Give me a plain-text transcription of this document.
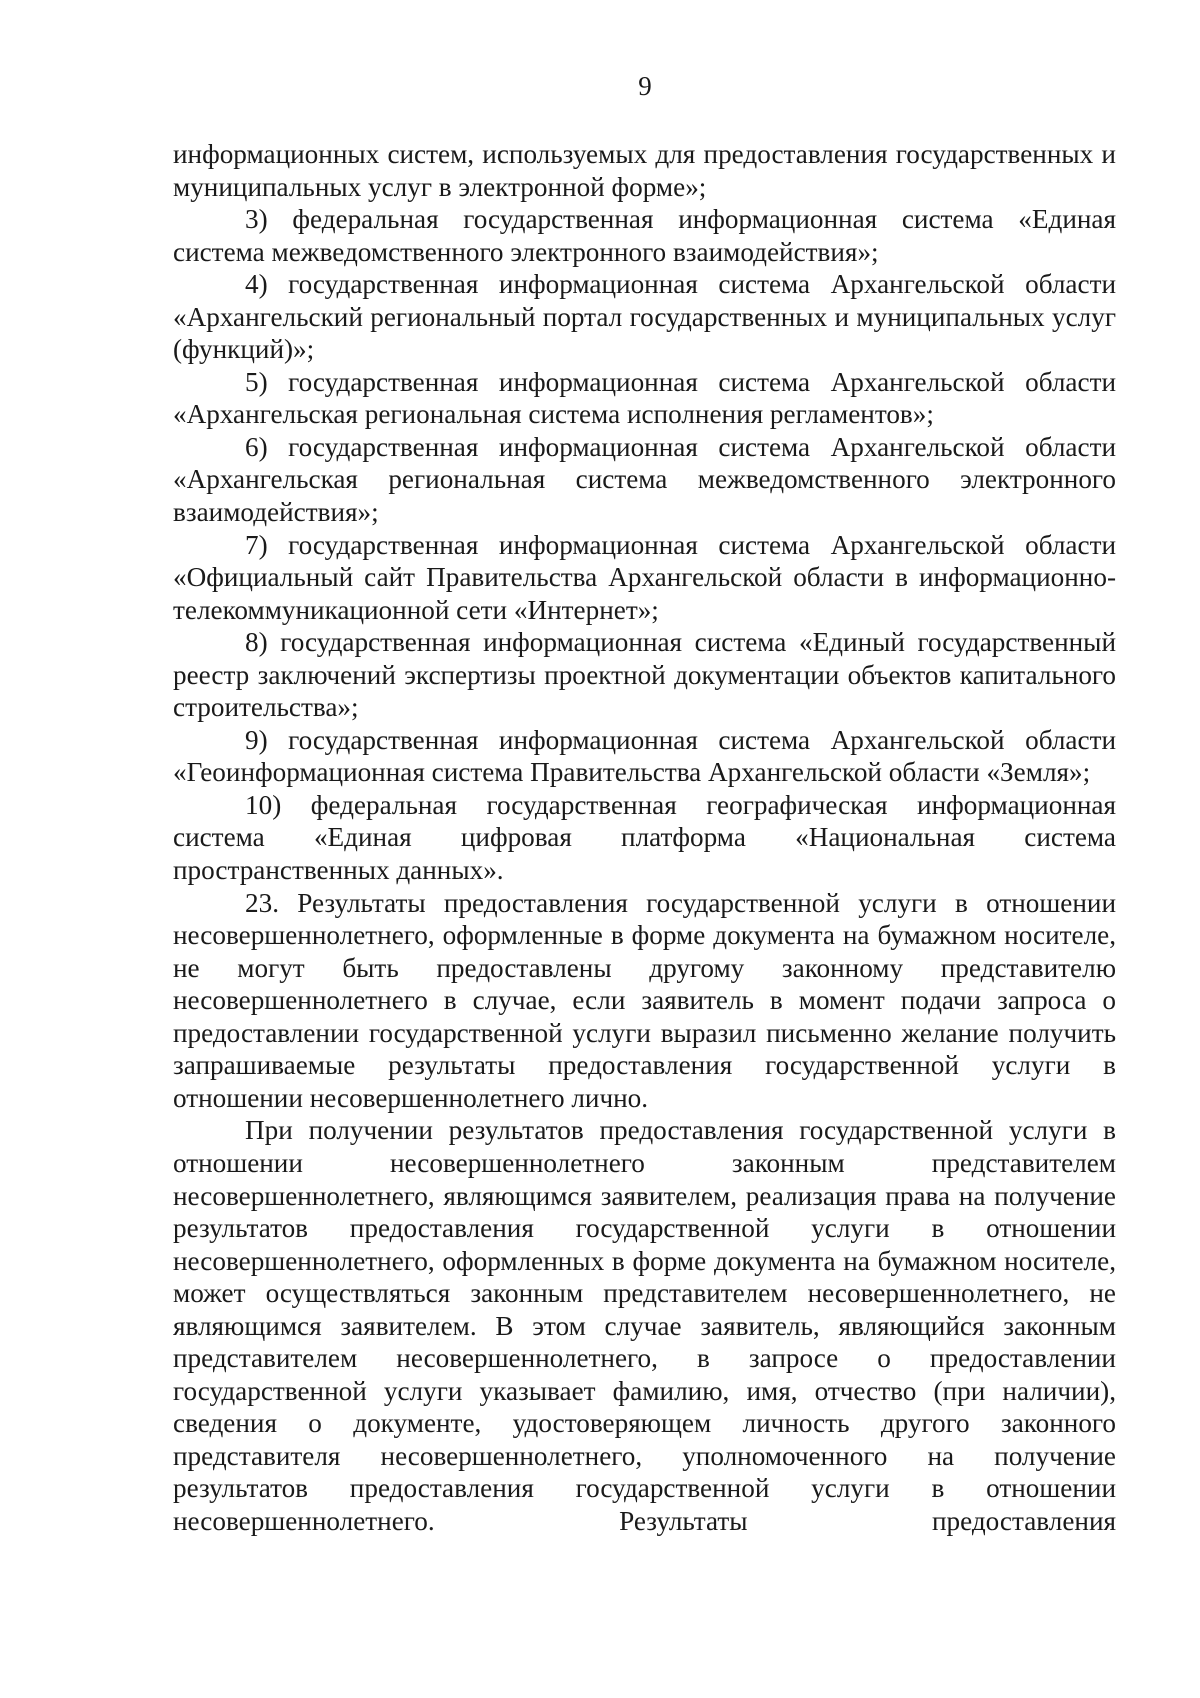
9

информационных систем, используемых для предоставления государственных и муниципальных услуг в электронной форме»;

3) федеральная государственная информационная система «Единая система межведомственного электронного взаимодействия»;

4) государственная информационная система Архангельской области «Архангельский региональный портал государственных и муниципальных услуг (функций)»;

5) государственная информационная система Архангельской области «Архангельская региональная система исполнения регламентов»;

6) государственная информационная система Архангельской области «Архангельская региональная система межведомственного электронного взаимодействия»;

7) государственная информационная система Архангельской области «Официальный сайт Правительства Архангельской области в информационно-телекоммуникационной сети «Интернет»;

8) государственная информационная система «Единый государственный реестр заключений экспертизы проектной документации объектов капитального строительства»;

9) государственная информационная система Архангельской области «Геоинформационная система Правительства Архангельской области «Земля»;

10) федеральная государственная географическая информационная система «Единая цифровая платформа «Национальная система пространственных данных».

23. Результаты предоставления государственной услуги в отношении несовершеннолетнего, оформленные в форме документа на бумажном носителе, не могут быть предоставлены другому законному представителю несовершеннолетнего в случае, если заявитель в момент подачи запроса о предоставлении государственной услуги выразил письменно желание получить запрашиваемые результаты предоставления государственной услуги в отношении несовершеннолетнего лично.

При получении результатов предоставления государственной услуги в отношении несовершеннолетнего законным представителем несовершеннолетнего, являющимся заявителем, реализация права на получение результатов предоставления государственной услуги в отношении несовершеннолетнего, оформленных в форме документа на бумажном носителе, может осуществляться законным представителем несовершеннолетнего, не являющимся заявителем. В этом случае заявитель, являющийся законным представителем несовершеннолетнего, в запросе о предоставлении государственной услуги указывает фамилию, имя, отчество (при наличии), сведения о документе, удостоверяющем личность другого законного представителя несовершеннолетнего, уполномоченного на получение результатов предоставления государственной услуги в отношении несовершеннолетнего. Результаты предоставления
